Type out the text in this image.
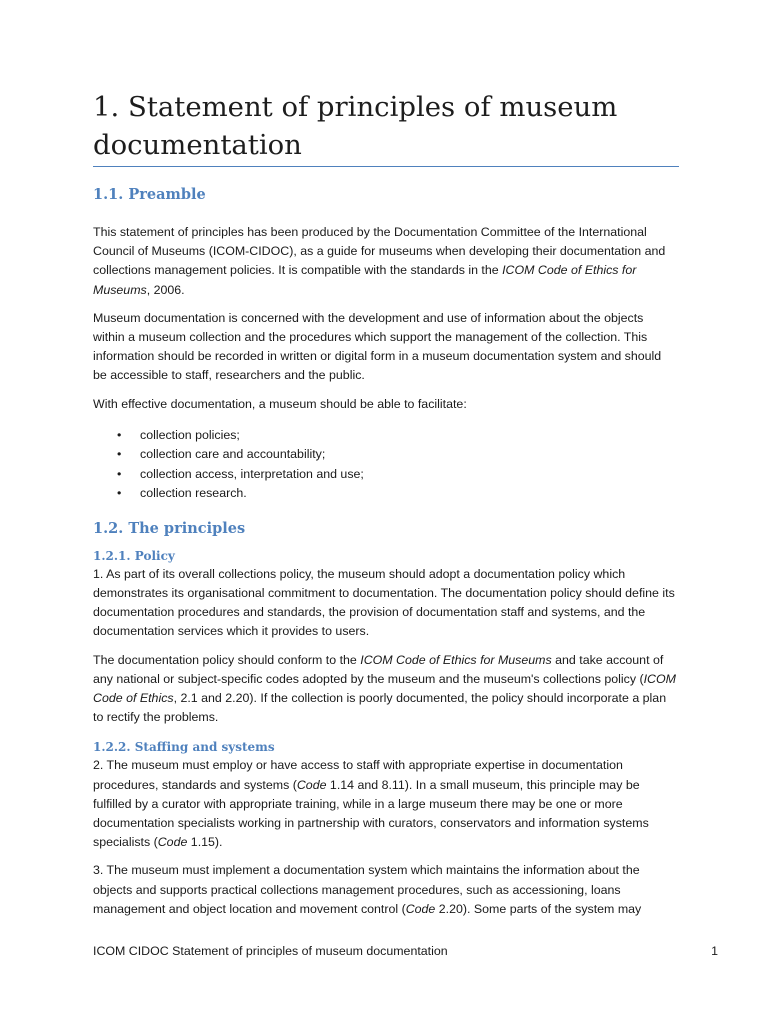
1. Statement of principles of museum documentation
1.1. Preamble

This statement of principles has been produced by the Documentation Committee of the International Council of Museums (ICOM-CIDOC), as a guide for museums when developing their documentation and collections management policies. It is compatible with the standards in the ICOM Code of Ethics for Museums, 2006.

Museum documentation is concerned with the development and use of information about the objects within a museum collection and the procedures which support the management of the collection. This information should be recorded in written or digital form in a museum documentation system and should be accessible to staff, researchers and the public.

With effective documentation, a museum should be able to facilitate:

• collection policies;
• collection care and accountability;
• collection access, interpretation and use;
• collection research.
1.2. The principles
1.2.1. Policy

1. As part of its overall collections policy, the museum should adopt a documentation policy which demonstrates its organisational commitment to documentation. The documentation policy should define its documentation procedures and standards, the provision of documentation staff and systems, and the documentation services which it provides to users.

The documentation policy should conform to the ICOM Code of Ethics for Museums and take account of any national or subject-specific codes adopted by the museum and the museum's collections policy (ICOM Code of Ethics, 2.1 and 2.20). If the collection is poorly documented, the policy should incorporate a plan to rectify the problems.

1.2.2. Staffing and systems

2. The museum must employ or have access to staff with appropriate expertise in documentation procedures, standards and systems (Code 1.14 and 8.11). In a small museum, this principle may be fulfilled by a curator with appropriate training, while in a large museum there may be one or more documentation specialists working in partnership with curators, conservators and information systems specialists (Code 1.15).

3. The museum must implement a documentation system which maintains the information about the objects and supports practical collections management procedures, such as accessioning, loans management and object location and movement control (Code 2.20). Some parts of the system may

ICOM CIDOC Statement of principles of museum documentation	1
